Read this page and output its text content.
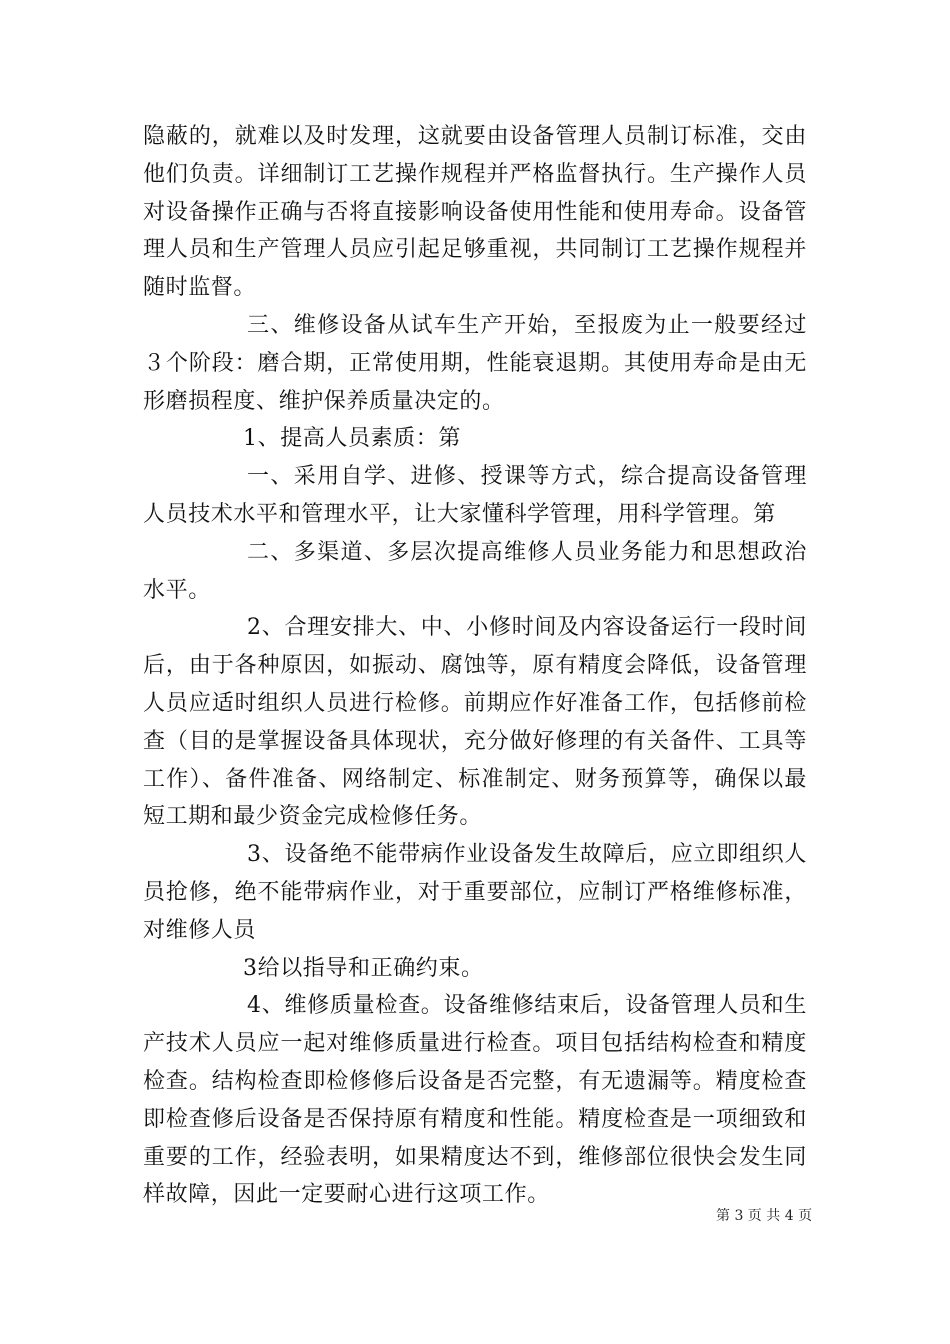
隐蔽的，就难以及时发理，这就要由设备管理人员制订标准，交由他们负责。详细制订工艺操作规程并严格监督执行。生产操作人员对设备操作正确与否将直接影响设备使用性能和使用寿命。设备管理人员和生产管理人员应引起足够重视，共同制订工艺操作规程并随时监督。

三、维修设备从试车生产开始，至报废为止一般要经过３个阶段：磨合期，正常使用期，性能衰退期。其使用寿命是由无形磨损程度、维护保养质量决定的。

1、提高人员素质：第

一、采用自学、进修、授课等方式，综合提高设备管理人员技术水平和管理水平，让大家懂科学管理，用科学管理。第

二、多渠道、多层次提高维修人员业务能力和思想政治水平。

2、合理安排大、中、小修时间及内容设备运行一段时间后，由于各种原因，如振动、腐蚀等，原有精度会降低，设备管理人员应适时组织人员进行检修。前期应作好准备工作，包括修前检查（目的是掌握设备具体现状，充分做好修理的有关备件、工具等工作）、备件准备、网络制定、标准制定、财务预算等，确保以最短工期和最少资金完成检修任务。

3、设备绝不能带病作业设备发生故障后，应立即组织人员抢修，绝不能带病作业，对于重要部位，应制订严格维修标准，对维修人员

3给以指导和正确约束。

4、维修质量检查。设备维修结束后，设备管理人员和生产技术人员应一起对维修质量进行检查。项目包括结构检查和精度检查。结构检查即检修修后设备是否完整，有无遗漏等。精度检查即检查修后设备是否保持原有精度和性能。精度检查是一项细致和重要的工作，经验表明，如果精度达不到，维修部位很快会发生同样故障，因此一定要耐心进行这项工作。

第 3 页 共 4 页
